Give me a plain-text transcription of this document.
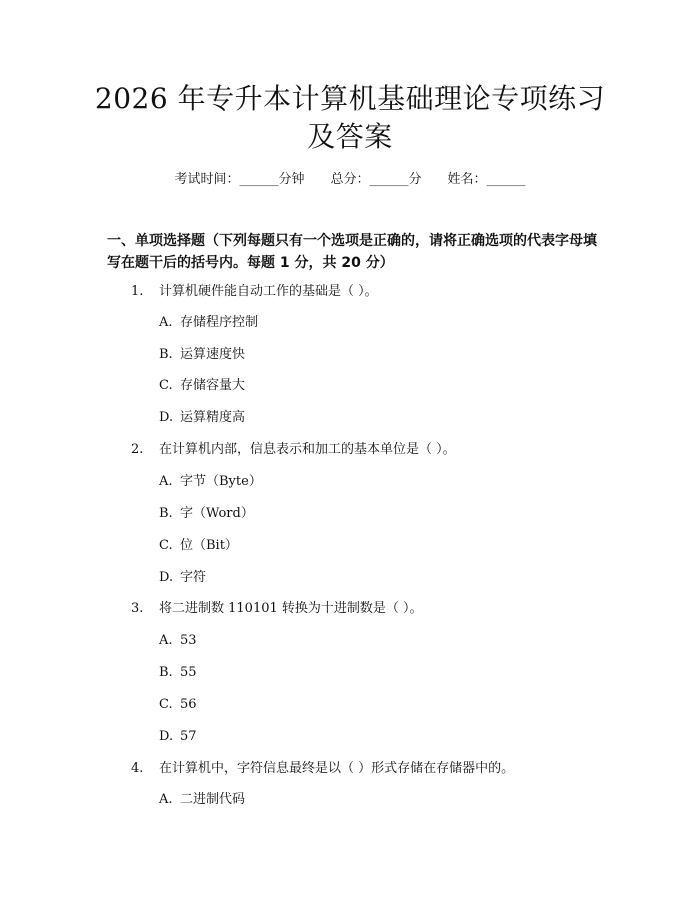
2026 年专升本计算机基础理论专项练习及答案
考试时间：______分钟 总分：______分 姓名：______
一、单项选择题（下列每题只有一个选项是正确的，请将正确选项的代表字母填写在题干后的括号内。每题 1 分，共 20 分）
1. 计算机硬件能自动工作的基础是（ ）。
A. 存储程序控制
B. 运算速度快
C. 存储容量大
D. 运算精度高
2. 在计算机内部，信息表示和加工的基本单位是（ ）。
A. 字节（Byte）
B. 字（Word）
C. 位（Bit）
D. 字符
3. 将二进制数 110101 转换为十进制数是（ ）。
A. 53
B. 55
C. 56
D. 57
4. 在计算机中，字符信息最终是以（ ）形式存储在存储器中的。
A. 二进制代码
